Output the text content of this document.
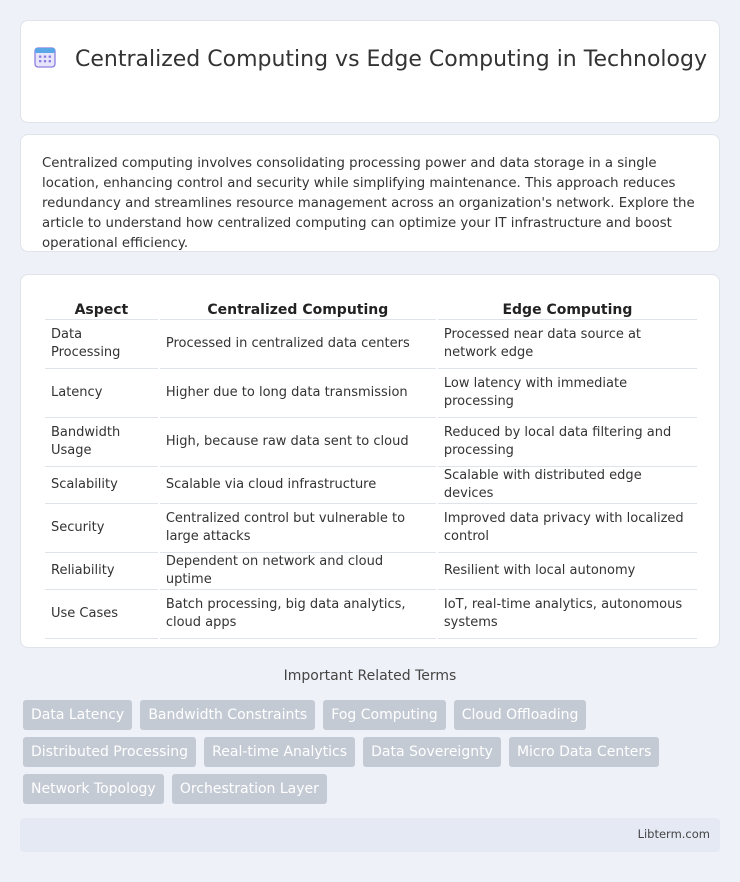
Centralized Computing vs Edge Computing in Technology

Centralized computing involves consolidating processing power and data storage in a single location, enhancing control and security while simplifying maintenance. This approach reduces redundancy and streamlines resource management across an organization's network. Explore the article to understand how centralized computing can optimize your IT infrastructure and boost operational efficiency.

Aspect	Centralized Computing	Edge Computing
Data Processing	Processed in centralized data centers	Processed near data source at network edge
Latency	Higher due to long data transmission	Low latency with immediate processing
Bandwidth Usage	High, because raw data sent to cloud	Reduced by local data filtering and processing
Scalability	Scalable via cloud infrastructure	Scalable with distributed edge devices
Security	Centralized control but vulnerable to large attacks	Improved data privacy with localized control
Reliability	Dependent on network and cloud uptime	Resilient with local autonomy
Use Cases	Batch processing, big data analytics, cloud apps	IoT, real-time analytics, autonomous systems
Important Related Terms
Data Latency Bandwidth Constraints Fog Computing Cloud Offloading Distributed Processing Real-time Analytics Data Sovereignty Micro Data Centers Network Topology Orchestration Layer
Libterm.com
